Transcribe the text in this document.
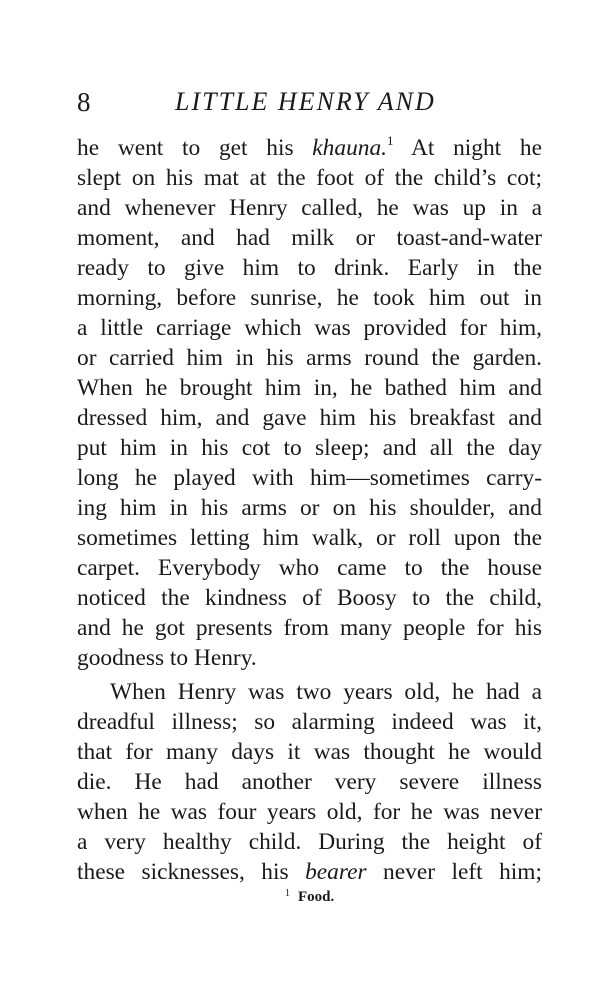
8	LITTLE HENRY AND
he went to get his khauna.$^1$ At night he
slept on his mat at the foot of the child’s cot;
and whenever Henry called, he was up in a
moment, and had milk or toast-and-water
ready to give him to drink. Early in the
morning, before sunrise, he took him out in
a little carriage which was provided for him,
or carried him in his arms round the garden.
When he brought him in, he bathed him and
dressed him, and gave him his breakfast and
put him in his cot to sleep; and all the day
long he played with him—sometimes carry-
ing him in his arms or on his shoulder, and
sometimes letting him walk, or roll upon the
carpet. Everybody who came to the house
noticed the kindness of Boosy to the child,
and he got presents from many people for his
goodness to Henry.
When Henry was two years old, he had a
dreadful illness; so alarming indeed was it,
that for many days it was thought he would
die. He had another very severe illness
when he was four years old, for he was never
a very healthy child. During the height of
these sicknesses, his bearer never left him;
$^1$ Food.
